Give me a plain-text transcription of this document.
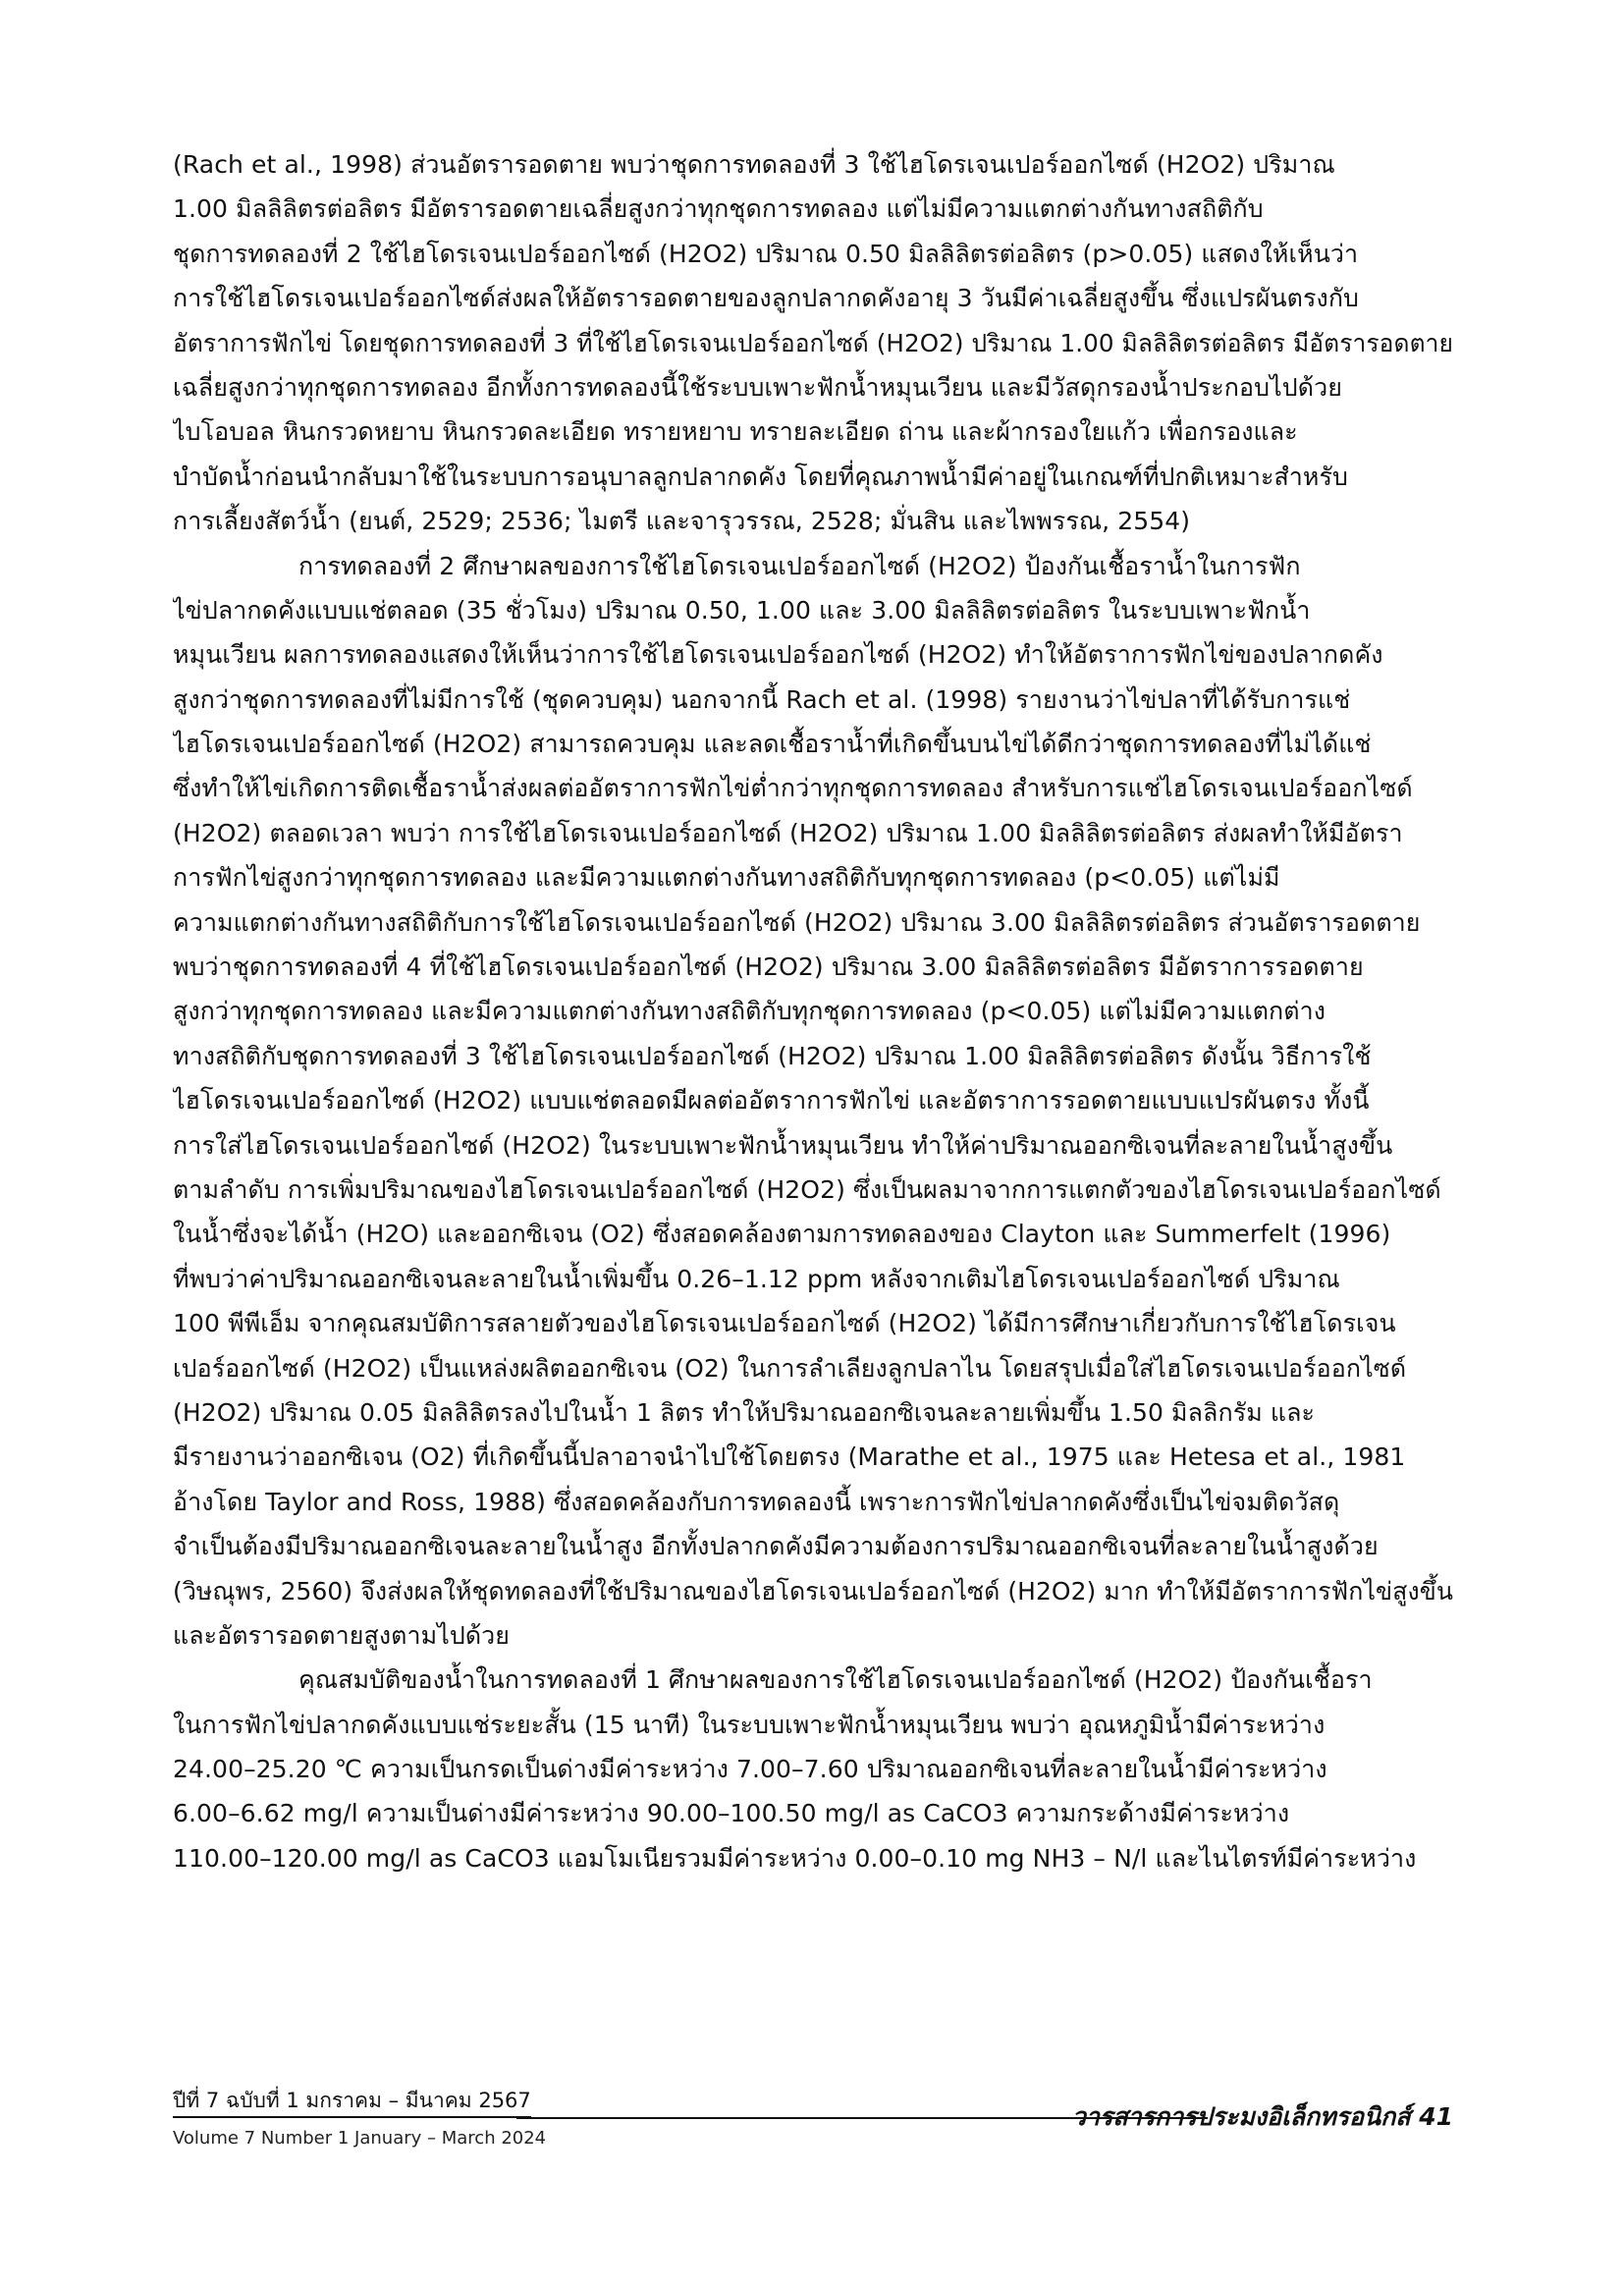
(Rach et al., 1998) ส่วนอัตรารอดตาย พบว่าชุดการทดลองที่ 3 ใช้ไฮโดรเจนเปอร์ออกไซด์ (H2O2) ปริมาณ
1.00 มิลลิลิตรต่อลิตร มีอัตรารอดตายเฉลี่ยสูงกว่าทุกชุดการทดลอง แต่ไม่มีความแตกต่างกันทางสถิติกับ
ชุดการทดลองที่ 2 ใช้ไฮโดรเจนเปอร์ออกไซด์ (H2O2) ปริมาณ 0.50 มิลลิลิตรต่อลิตร (p>0.05) แสดงให้เห็นว่า
การใช้ไฮโดรเจนเปอร์ออกไซด์ส่งผลให้อัตรารอดตายของลูกปลากดคังอายุ 3 วันมีค่าเฉลี่ยสูงขึ้น ซึ่งแปรผันตรงกับ
อัตราการฟักไข่ โดยชุดการทดลองที่ 3 ที่ใช้ไฮโดรเจนเปอร์ออกไซด์ (H2O2) ปริมาณ 1.00 มิลลิลิตรต่อลิตร มีอัตรารอดตาย
เฉลี่ยสูงกว่าทุกชุดการทดลอง อีกทั้งการทดลองนี้ใช้ระบบเพาะฟักน้ำหมุนเวียน และมีวัสดุกรองน้ำประกอบไปด้วย
ไบโอบอล หินกรวดหยาบ หินกรวดละเอียด ทรายหยาบ ทรายละเอียด ถ่าน และผ้ากรองใยแก้ว เพื่อกรองและ
บำบัดน้ำก่อนนำกลับมาใช้ในระบบการอนุบาลลูกปลากดคัง โดยที่คุณภาพน้ำมีค่าอยู่ในเกณฑ์ที่ปกติเหมาะสำหรับ
การเลี้ยงสัตว์น้ำ (ยนต์, 2529; 2536; ไมตรี และจารุวรรณ, 2528; มั่นสิน และไพพรรณ, 2554)
การทดลองที่ 2 ศึกษาผลของการใช้ไฮโดรเจนเปอร์ออกไซด์ (H2O2) ป้องกันเชื้อราน้ำในการฟัก
ไข่ปลากดคังแบบแช่ตลอด (35 ชั่วโมง) ปริมาณ 0.50, 1.00 และ 3.00 มิลลิลิตรต่อลิตร ในระบบเพาะฟักน้ำ
หมุนเวียน ผลการทดลองแสดงให้เห็นว่าการใช้ไฮโดรเจนเปอร์ออกไซด์ (H2O2) ทำให้อัตราการฟักไข่ของปลากดคัง
สูงกว่าชุดการทดลองที่ไม่มีการใช้ (ชุดควบคุม) นอกจากนี้ Rach et al. (1998) รายงานว่าไข่ปลาที่ได้รับการแช่
ไฮโดรเจนเปอร์ออกไซด์ (H2O2) สามารถควบคุม และลดเชื้อราน้ำที่เกิดขึ้นบนไข่ได้ดีกว่าชุดการทดลองที่ไม่ได้แช่
ซึ่งทำให้ไข่เกิดการติดเชื้อราน้ำส่งผลต่ออัตราการฟักไข่ต่ำกว่าทุกชุดการทดลอง สำหรับการแช่ไฮโดรเจนเปอร์ออกไซด์
(H2O2) ตลอดเวลา พบว่า การใช้ไฮโดรเจนเปอร์ออกไซด์ (H2O2) ปริมาณ 1.00 มิลลิลิตรต่อลิตร ส่งผลทำให้มีอัตรา
การฟักไข่สูงกว่าทุกชุดการทดลอง และมีความแตกต่างกันทางสถิติกับทุกชุดการทดลอง (p<0.05) แต่ไม่มี
ความแตกต่างกันทางสถิติกับการใช้ไฮโดรเจนเปอร์ออกไซด์ (H2O2) ปริมาณ 3.00 มิลลิลิตรต่อลิตร ส่วนอัตรารอดตาย
พบว่าชุดการทดลองที่ 4 ที่ใช้ไฮโดรเจนเปอร์ออกไซด์ (H2O2) ปริมาณ 3.00 มิลลิลิตรต่อลิตร มีอัตราการรอดตาย
สูงกว่าทุกชุดการทดลอง และมีความแตกต่างกันทางสถิติกับทุกชุดการทดลอง (p<0.05) แต่ไม่มีความแตกต่าง
ทางสถิติกับชุดการทดลองที่ 3 ใช้ไฮโดรเจนเปอร์ออกไซด์ (H2O2) ปริมาณ 1.00 มิลลิลิตรต่อลิตร ดังนั้น วิธีการใช้
ไฮโดรเจนเปอร์ออกไซด์ (H2O2) แบบแช่ตลอดมีผลต่ออัตราการฟักไข่ และอัตราการรอดตายแบบแปรผันตรง ทั้งนี้
การใส่ไฮโดรเจนเปอร์ออกไซด์ (H2O2) ในระบบเพาะฟักน้ำหมุนเวียน ทำให้ค่าปริมาณออกซิเจนที่ละลายในน้ำสูงขึ้น
ตามลำดับ การเพิ่มปริมาณของไฮโดรเจนเปอร์ออกไซด์ (H2O2) ซึ่งเป็นผลมาจากการแตกตัวของไฮโดรเจนเปอร์ออกไซด์
ในน้ำซึ่งจะได้น้ำ (H2O) และออกซิเจน (O2) ซึ่งสอดคล้องตามการทดลองของ Clayton และ Summerfelt (1996)
ที่พบว่าค่าปริมาณออกซิเจนละลายในน้ำเพิ่มขึ้น 0.26–1.12 ppm หลังจากเติมไฮโดรเจนเปอร์ออกไซด์ ปริมาณ
100 พีพีเอ็ม จากคุณสมบัติการสลายตัวของไฮโดรเจนเปอร์ออกไซด์ (H2O2) ได้มีการศึกษาเกี่ยวกับการใช้ไฮโดรเจน
เปอร์ออกไซด์ (H2O2) เป็นแหล่งผลิตออกซิเจน (O2) ในการลำเลียงลูกปลาไน โดยสรุปเมื่อใส่ไฮโดรเจนเปอร์ออกไซด์
(H2O2) ปริมาณ 0.05 มิลลิลิตรลงไปในน้ำ 1 ลิตร ทำให้ปริมาณออกซิเจนละลายเพิ่มขึ้น 1.50 มิลลิกรัม และ
มีรายงานว่าออกซิเจน (O2) ที่เกิดขึ้นนี้ปลาอาจนำไปใช้โดยตรง (Marathe et al., 1975 และ Hetesa et al., 1981
อ้างโดย Taylor and Ross, 1988) ซึ่งสอดคล้องกับการทดลองนี้ เพราะการฟักไข่ปลากดคังซึ่งเป็นไข่จมติดวัสดุ
จำเป็นต้องมีปริมาณออกซิเจนละลายในน้ำสูง อีกทั้งปลากดคังมีความต้องการปริมาณออกซิเจนที่ละลายในน้ำสูงด้วย
(วิษณุพร, 2560) จึงส่งผลให้ชุดทดลองที่ใช้ปริมาณของไฮโดรเจนเปอร์ออกไซด์ (H2O2) มาก ทำให้มีอัตราการฟักไข่สูงขึ้น
และอัตรารอดตายสูงตามไปด้วย
คุณสมบัติของน้ำในการทดลองที่ 1 ศึกษาผลของการใช้ไฮโดรเจนเปอร์ออกไซด์ (H2O2) ป้องกันเชื้อรา
ในการฟักไข่ปลากดคังแบบแช่ระยะสั้น (15 นาที) ในระบบเพาะฟักน้ำหมุนเวียน พบว่า อุณหภูมิน้ำมีค่าระหว่าง
24.00–25.20 ℃ ความเป็นกรดเป็นด่างมีค่าระหว่าง 7.00–7.60 ปริมาณออกซิเจนที่ละลายในน้ำมีค่าระหว่าง
6.00–6.62 mg/l ความเป็นด่างมีค่าระหว่าง 90.00–100.50 mg/l as CaCO3 ความกระด้างมีค่าระหว่าง
110.00–120.00 mg/l as CaCO3 แอมโมเนียรวมมีค่าระหว่าง 0.00–0.10 mg NH3 – N/l และไนไตรท์มีค่าระหว่าง
ปีที่ 7 ฉบับที่ 1 มกราคม – มีนาคม 2567
วารสารการประมงอิเล็กทรอนิกส์ 41
Volume 7 Number 1 January – March 2024
